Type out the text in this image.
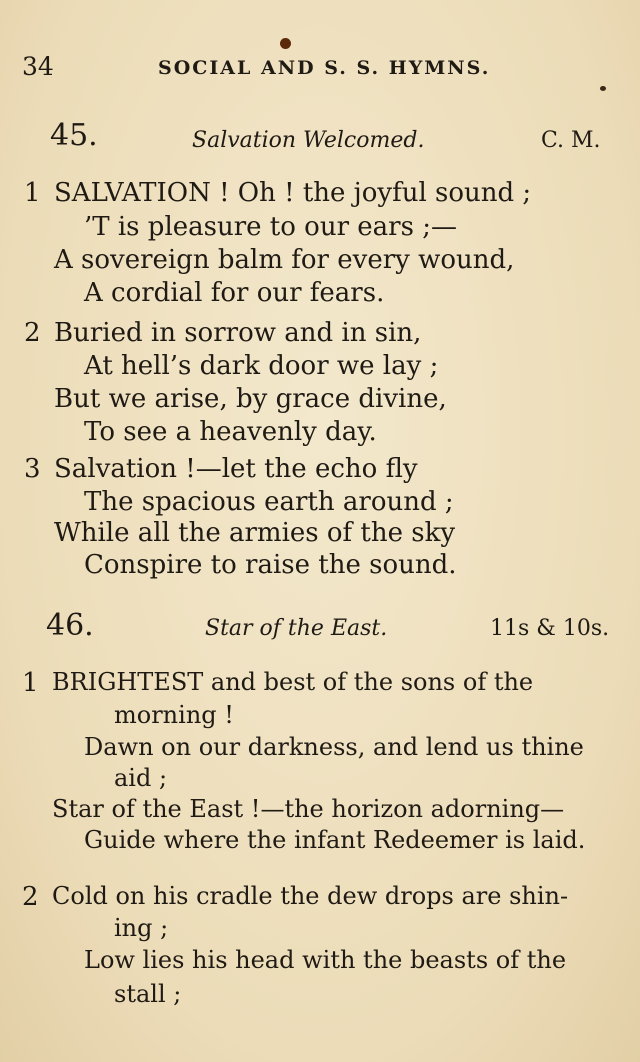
34	SOCIAL AND S. S. HYMNS.
45.	Salvation Welcomed.	C. M.
1 SALVATION ! Oh ! the joyful sound ;
’T is pleasure to our ears ;—
A sovereign balm for every wound,
A cordial for our fears.
2 Buried in sorrow and in sin,
At hell’s dark door we lay ;
But we arise, by grace divine,
To see a heavenly day.
3 Salvation !—let the echo fly
The spacious earth around ;
While all the armies of the sky
Conspire to raise the sound.
46.	Star of the East.	11s & 10s.
1 BRIGHTEST and best of the sons of the
morning !
Dawn on our darkness, and lend us thine
aid ;
Star of the East !—the horizon adorning—
Guide where the infant Redeemer is laid.
2 Cold on his cradle the dew drops are shin-
ing ;
Low lies his head with the beasts of the
stall ;
